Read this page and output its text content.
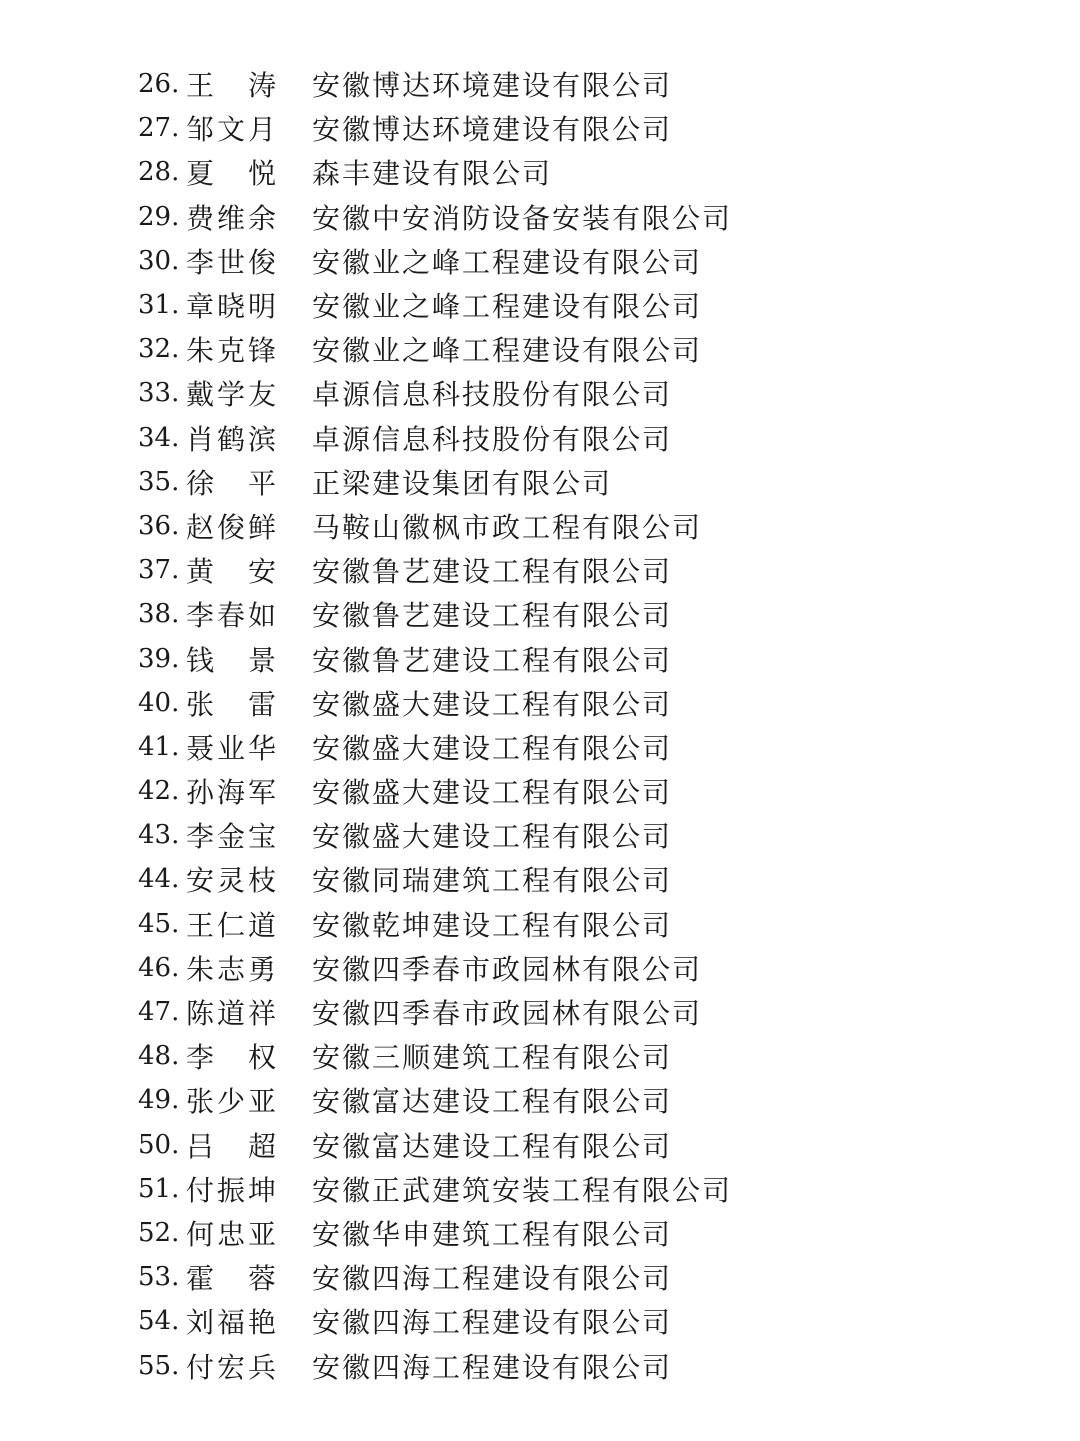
26. 王　涛	安徽博达环境建设有限公司
27. 邹文月	安徽博达环境建设有限公司
28. 夏　悦	森丰建设有限公司
29. 费维余	安徽中安消防设备安装有限公司
30. 李世俊	安徽业之峰工程建设有限公司
31. 章晓明	安徽业之峰工程建设有限公司
32. 朱克锋	安徽业之峰工程建设有限公司
33. 戴学友	卓源信息科技股份有限公司
34. 肖鹤滨	卓源信息科技股份有限公司
35. 徐　平	正梁建设集团有限公司
36. 赵俊鲜	马鞍山徽枫市政工程有限公司
37. 黄　安	安徽鲁艺建设工程有限公司
38. 李春如	安徽鲁艺建设工程有限公司
39. 钱　景	安徽鲁艺建设工程有限公司
40. 张　雷	安徽盛大建设工程有限公司
41. 聂业华	安徽盛大建设工程有限公司
42. 孙海军	安徽盛大建设工程有限公司
43. 李金宝	安徽盛大建设工程有限公司
44. 安灵枝	安徽同瑞建筑工程有限公司
45. 王仁道	安徽乾坤建设工程有限公司
46. 朱志勇	安徽四季春市政园林有限公司
47. 陈道祥	安徽四季春市政园林有限公司
48. 李　权	安徽三顺建筑工程有限公司
49. 张少亚	安徽富达建设工程有限公司
50. 吕　超	安徽富达建设工程有限公司
51. 付振坤	安徽正武建筑安装工程有限公司
52. 何忠亚	安徽华申建筑工程有限公司
53. 霍　蓉	安徽四海工程建设有限公司
54. 刘福艳	安徽四海工程建设有限公司
55. 付宏兵	安徽四海工程建设有限公司
